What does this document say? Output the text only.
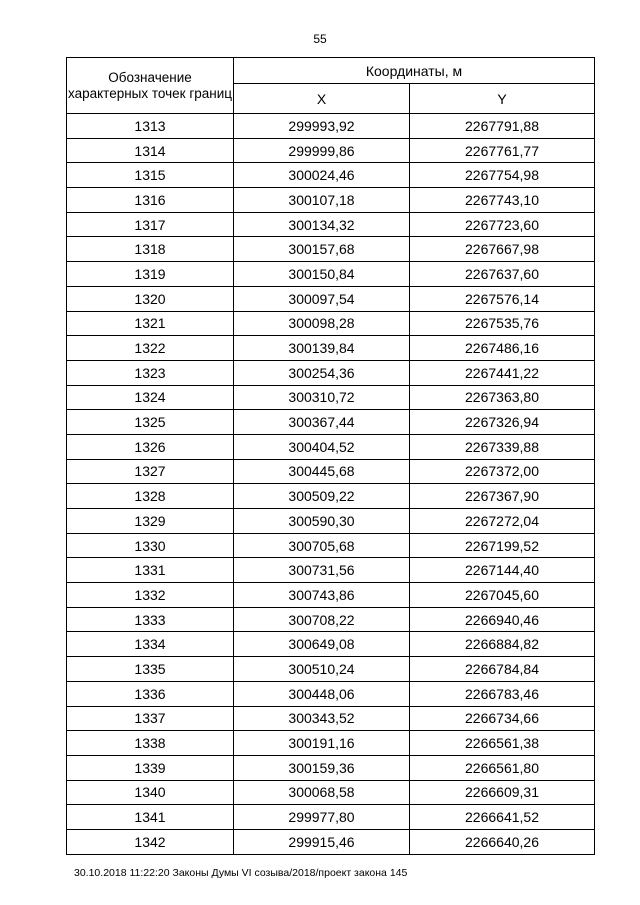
55
Обозначение характерных точек границ	Координаты, м	
	X	Y
1313	299993,92	2267791,88
1314	299999,86	2267761,77
1315	300024,46	2267754,98
1316	300107,18	2267743,10
1317	300134,32	2267723,60
1318	300157,68	2267667,98
1319	300150,84	2267637,60
1320	300097,54	2267576,14
1321	300098,28	2267535,76
1322	300139,84	2267486,16
1323	300254,36	2267441,22
1324	300310,72	2267363,80
1325	300367,44	2267326,94
1326	300404,52	2267339,88
1327	300445,68	2267372,00
1328	300509,22	2267367,90
1329	300590,30	2267272,04
1330	300705,68	2267199,52
1331	300731,56	2267144,40
1332	300743,86	2267045,60
1333	300708,22	2266940,46
1334	300649,08	2266884,82
1335	300510,24	2266784,84
1336	300448,06	2266783,46
1337	300343,52	2266734,66
1338	300191,16	2266561,38
1339	300159,36	2266561,80
1340	300068,58	2266609,31
1341	299977,80	2266641,52
1342	299915,46	2266640,26
30.10.2018 11:22:20 Законы Думы VI созыва/2018/проект закона 145
